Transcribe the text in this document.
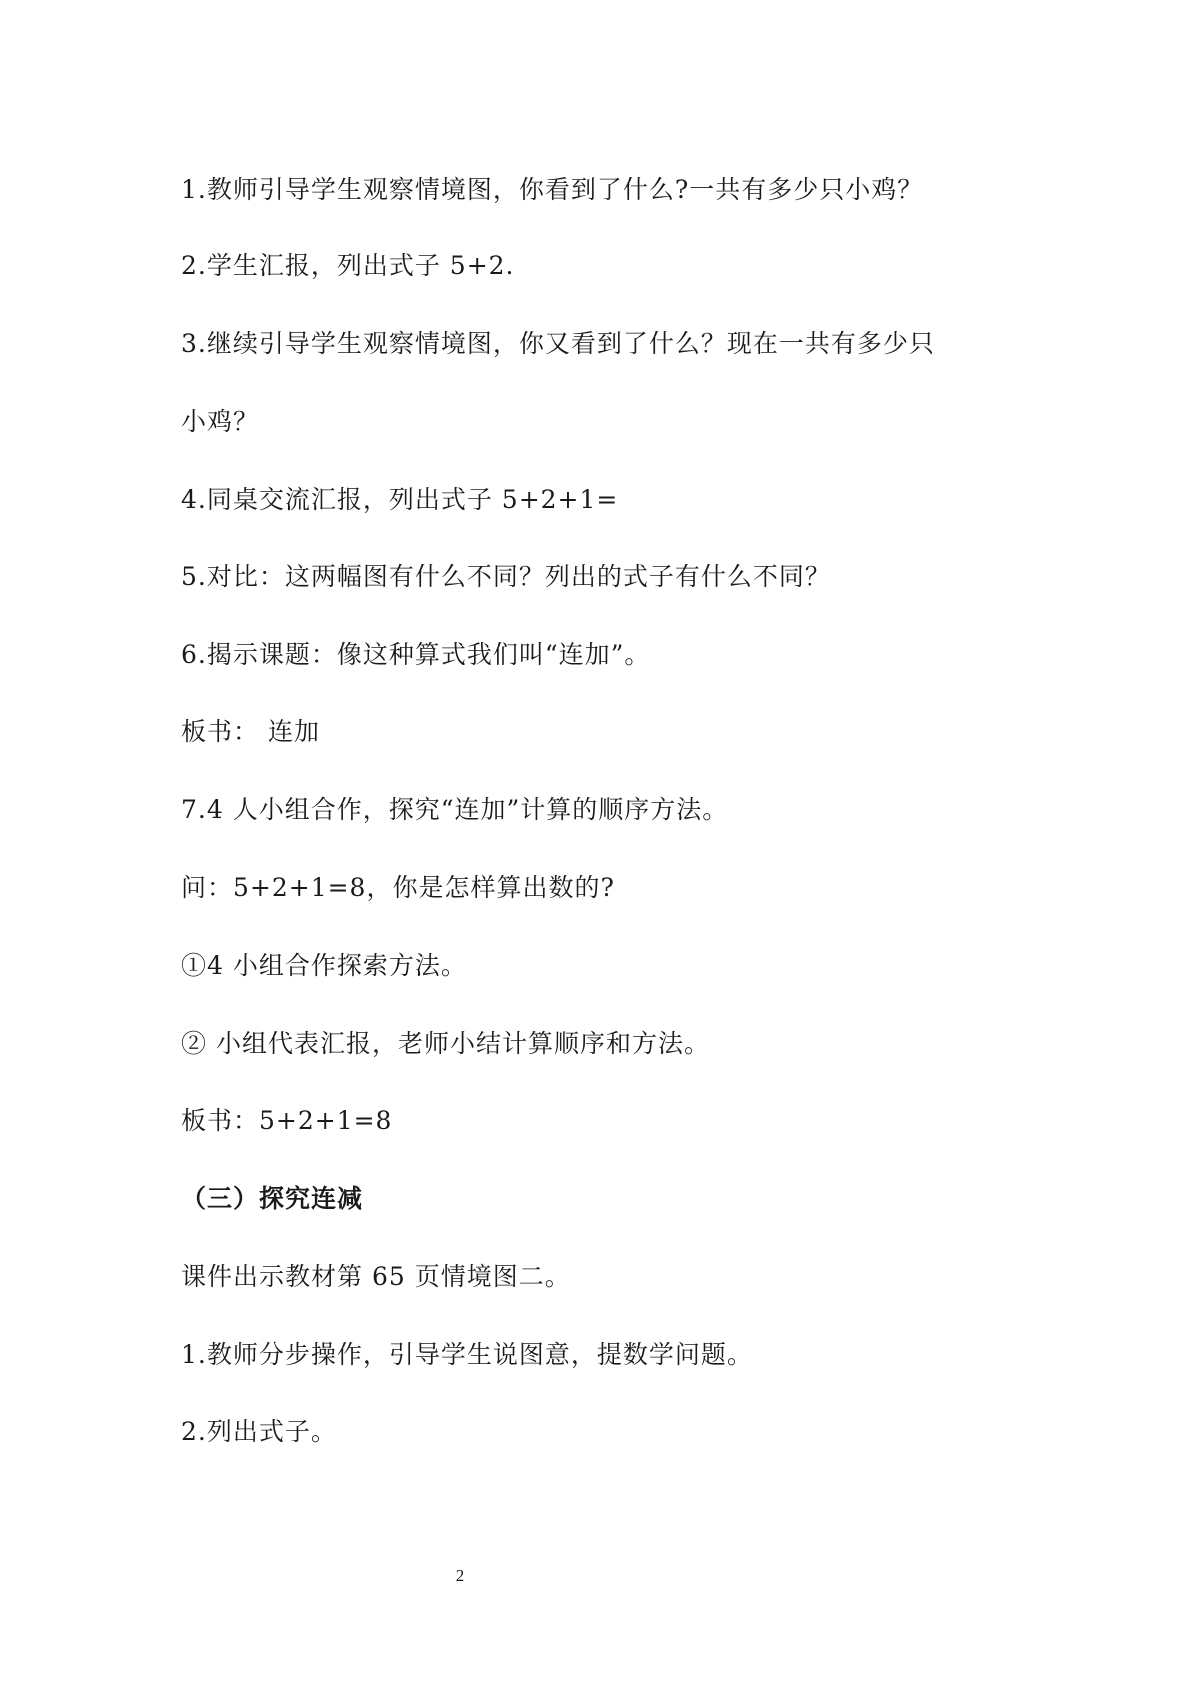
1.教师引导学生观察情境图，你看到了什么?一共有多少只小鸡？
2.学生汇报，列出式子 5+2.
3.继续引导学生观察情境图，你又看到了什么？现在一共有多少只
小鸡？
4.同桌交流汇报，列出式子 5+2+1=
5.对比：这两幅图有什么不同？列出的式子有什么不同？
6.揭示课题：像这种算式我们叫“连加”。
板书： 连加
7.4 人小组合作，探究“连加”计算的顺序方法。
问：5+2+1=8，你是怎样算出数的?
①4 小组合作探索方法。
② 小组代表汇报，老师小结计算顺序和方法。
板书：5+2+1=8
（三）探究连减
课件出示教材第 65 页情境图二。
1.教师分步操作，引导学生说图意，提数学问题。
2.列出式子。
2
